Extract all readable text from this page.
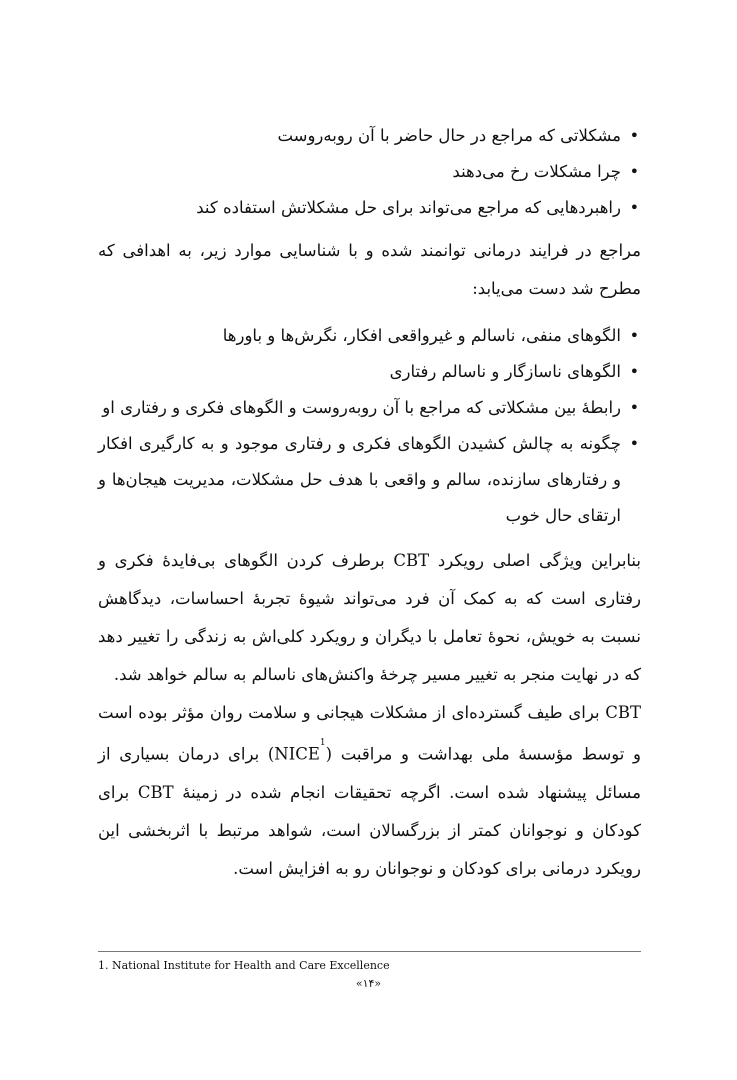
• مشکلاتی که مراجع در حال حاضر با آن روبه‌روست
• چرا مشکلات رخ می‌دهند
• راهبردهایی که مراجع می‌تواند برای حل مشکلاتش استفاده کند

مراجع در فرایند درمانی توانمند شده و با شناسایی موارد زیر، به اهدافی که مطرح شد دست می‌یابد:

• الگوهای منفی، ناسالم و غیرواقعی افکار، نگرش‌ها و باورها
• الگوهای ناسازگار و ناسالم رفتاری
• رابطهٔ بین مشکلاتی که مراجع با آن روبه‌روست و الگوهای فکری و رفتاری او
• چگونه به چالش کشیدن الگوهای فکری و رفتاری موجود و به کارگیری افکار و رفتارهای سازنده، سالم و واقعی با هدف حل مشکلات، مدیریت هیجان‌ها و ارتقای حال خوب

بنابراین ویژگی اصلی رویکرد CBT برطرف کردن الگوهای بی‌فایدهٔ فکری و رفتاری است که به کمک آن فرد می‌تواند شیوهٔ تجربهٔ احساسات، دیدگاهش نسبت به خویش، نحوهٔ تعامل با دیگران و رویکرد کلی‌اش به زندگی را تغییر دهد که در نهایت منجر به تغییر مسیر چرخهٔ واکنش‌های ناسالم به سالم خواهد شد.

CBT برای طیف گسترده‌ای از مشکلات هیجانی و سلامت روان مؤثر بوده است و توسط مؤسسهٔ ملی بهداشت و مراقبت (NICE$^1$) برای درمان بسیاری از مسائل پیشنهاد شده است. اگرچه تحقیقات انجام شده در زمینهٔ CBT برای کودکان و نوجوانان کمتر از بزرگسالان است، شواهد مرتبط با اثربخشی این رویکرد درمانی برای کودکان و نوجوانان رو به افزایش است.

1. National Institute for Health and Care Excellence
«۱۴»
